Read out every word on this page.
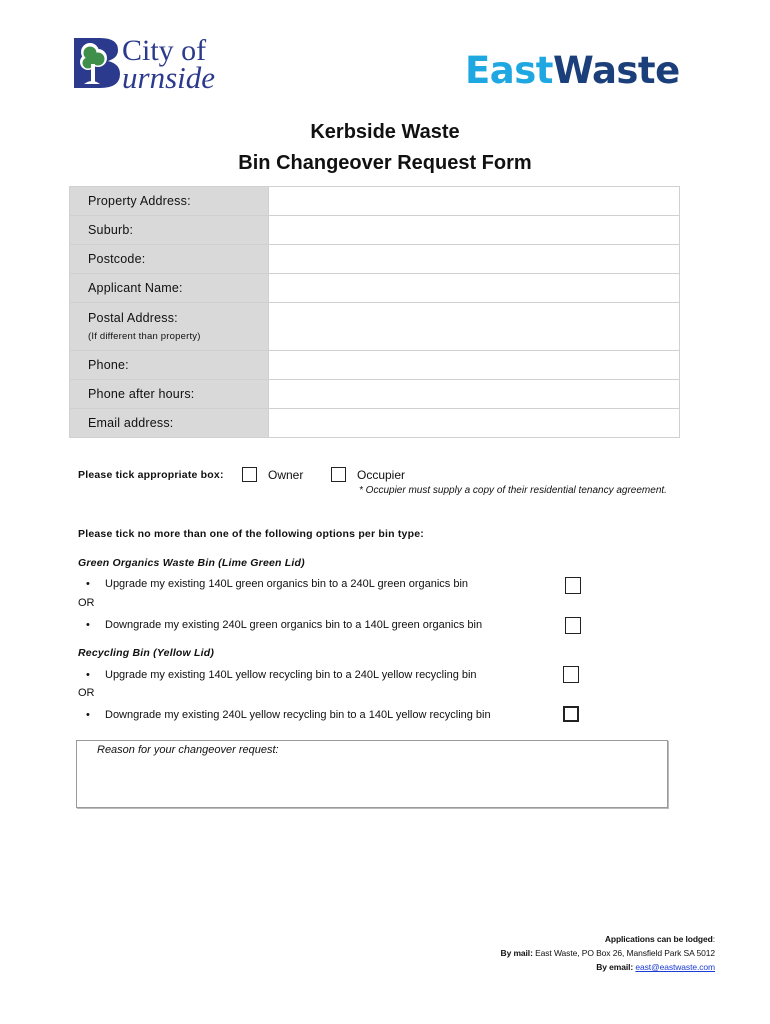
City of
urnside	EastWaste
Kerbside Waste
Bin Changeover Request Form
Property Address:	
Suburb:	
Postcode:	
Applicant Name:	
Postal Address:
(If different than property)	

Phone:	
Phone after hours:	
Email address:	
Please tick appropriate box:	Owner	Occupier
* Occupier must supply a copy of their residential tenancy agreement.
Please tick no more than one of the following options per bin type:
Green Organics Waste Bin (Lime Green Lid)
•	Upgrade my existing 140L green organics bin to a 240L green organics bin
OR
•	Downgrade my existing 240L green organics bin to a 140L green organics bin
Recycling Bin (Yellow Lid)
•	Upgrade my existing 140L yellow recycling bin to a 240L yellow recycling bin
OR
•	Downgrade my existing 240L yellow recycling bin to a 140L yellow recycling bin
Reason for your changeover request:
Applications can be lodged:
By mail: East Waste, PO Box 26, Mansfield Park SA 5012
By email: east@eastwaste.com
